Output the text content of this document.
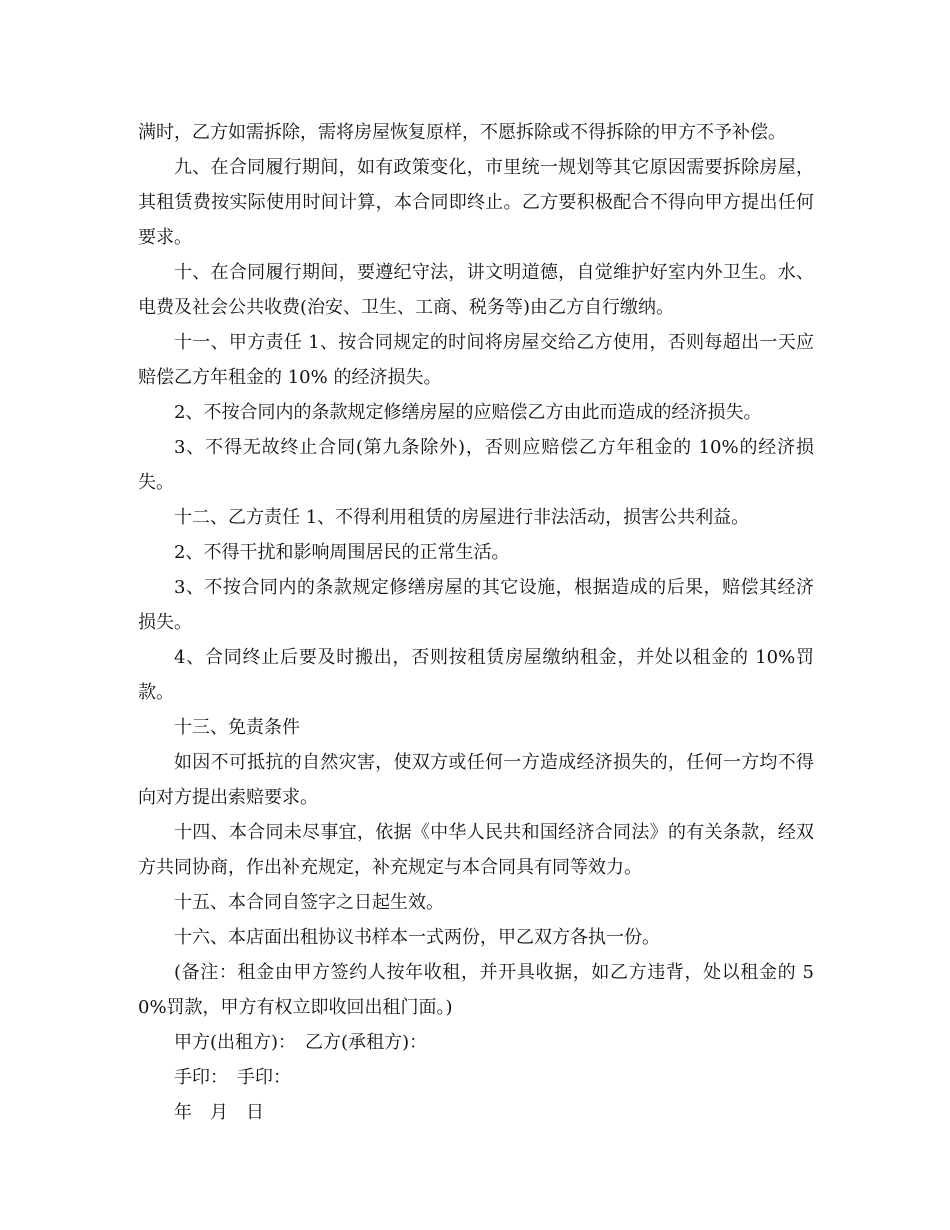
满时，乙方如需拆除，需将房屋恢复原样，不愿拆除或不得拆除的甲方不予补偿。

九、在合同履行期间，如有政策变化，市里统一规划等其它原因需要拆除房屋，其租赁费按实际使用时间计算，本合同即终止。乙方要积极配合不得向甲方提出任何要求。

十、在合同履行期间，要遵纪守法，讲文明道德，自觉维护好室内外卫生。水、电费及社会公共收费(治安、卫生、工商、税务等)由乙方自行缴纳。

十一、甲方责任 1、按合同规定的时间将房屋交给乙方使用，否则每超出一天应赔偿乙方年租金的 10% 的经济损失。

2、不按合同内的条款规定修缮房屋的应赔偿乙方由此而造成的经济损失。

3、不得无故终止合同(第九条除外)，否则应赔偿乙方年租金的 10%的经济损失。

十二、乙方责任 1、不得利用租赁的房屋进行非法活动，损害公共利益。

2、不得干扰和影响周围居民的正常生活。

3、不按合同内的条款规定修缮房屋的其它设施，根据造成的后果，赔偿其经济损失。

4、合同终止后要及时搬出，否则按租赁房屋缴纳租金，并处以租金的 10%罚款。

十三、免责条件

如因不可抵抗的自然灾害，使双方或任何一方造成经济损失的，任何一方均不得向对方提出索赔要求。

十四、本合同未尽事宜，依据《中华人民共和国经济合同法》的有关条款，经双方共同协商，作出补充规定，补充规定与本合同具有同等效力。

十五、本合同自签字之日起生效。

十六、本店面出租协议书样本一式两份，甲乙双方各执一份。

(备注：租金由甲方签约人按年收租，并开具收据，如乙方违背，处以租金的 50%罚款，甲方有权立即收回出租门面。)

甲方(出租方)：　乙方(承租方)：

手印：　手印：

年　月　日
